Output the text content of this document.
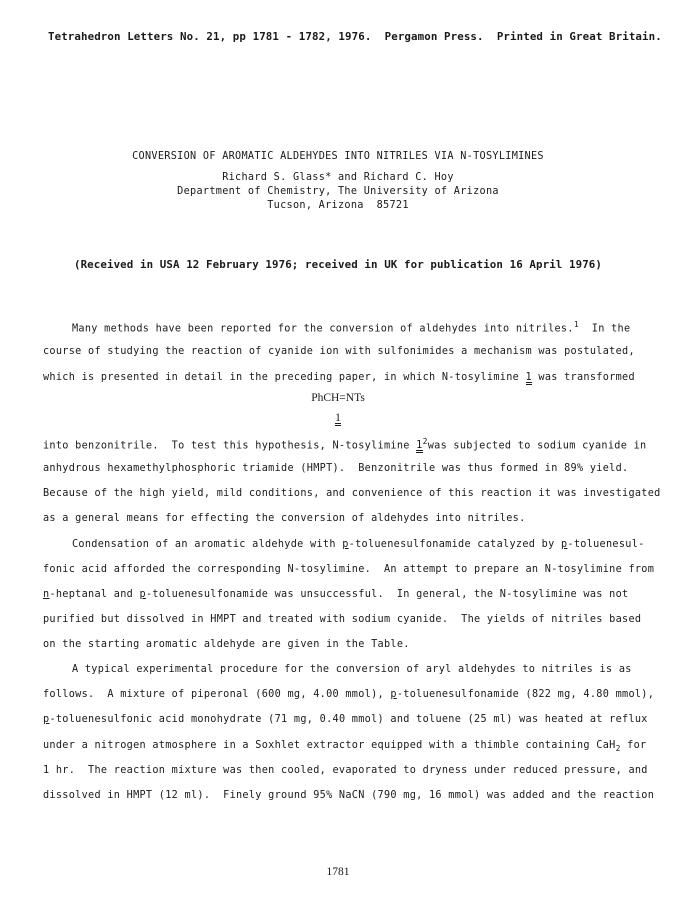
Tetrahedron Letters No. 21, pp 1781 - 1782, 1976.  Pergamon Press.  Printed in Great Britain.
CONVERSION OF AROMATIC ALDEHYDES INTO NITRILES VIA N-TOSYLIMINES
Richard S. Glass* and Richard C. Hoy
Department of Chemistry, The University of Arizona
Tucson, Arizona  85721
(Received in USA 12 February 1976; received in UK for publication 16 April 1976)
Many methods have been reported for the conversion of aldehydes into nitriles.$^1$  In the
course of studying the reaction of cyanide ion with sulfonimides a mechanism was postulated,
which is presented in detail in the preceding paper, in which N-tosylimine 1 was transformed
PhCH=NTs
1
into benzonitrile.  To test this hypothesis, N-tosylimine $1^2was$ subjected to sodium cyanide in
anhydrous hexamethylphosphoric triamide (HMPT).  Benzonitrile was thus formed in 89% yield.
Because of the high yield, mild conditions, and convenience of this reaction it was investigated
as a general means for effecting the conversion of aldehydes into nitriles.
Condensation of an aromatic aldehyde with p-toluenesulfonamide catalyzed by p-toluenesul-
fonic acid afforded the corresponding N-tosylimine.  An attempt to prepare an N-tosylimine from
n-heptanal and p-toluenesulfonamide was unsuccessful.  In general, the N-tosylimine was not
purified but dissolved in HMPT and treated with sodium cyanide.  The yields of nitriles based
on the starting aromatic aldehyde are given in the Table.
A typical experimental procedure for the conversion of aryl aldehydes to nitriles is as
follows.  A mixture of piperonal (600 mg, 4.00 mmol), p-toluenesulfonamide (822 mg, 4.80 mmol),
p-toluenesulfonic acid monohydrate (71 mg, 0.40 mmol) and toluene (25 ml) was heated at reflux
under a nitrogen atmosphere in a Soxhlet extractor equipped with a thimble containing CaH$_2$ for
1 hr.  The reaction mixture was then cooled, evaporated to dryness under reduced pressure, and
dissolved in HMPT (12 ml).  Finely ground 95% NaCN (790 mg, 16 mmol) was added and the reaction
1781
